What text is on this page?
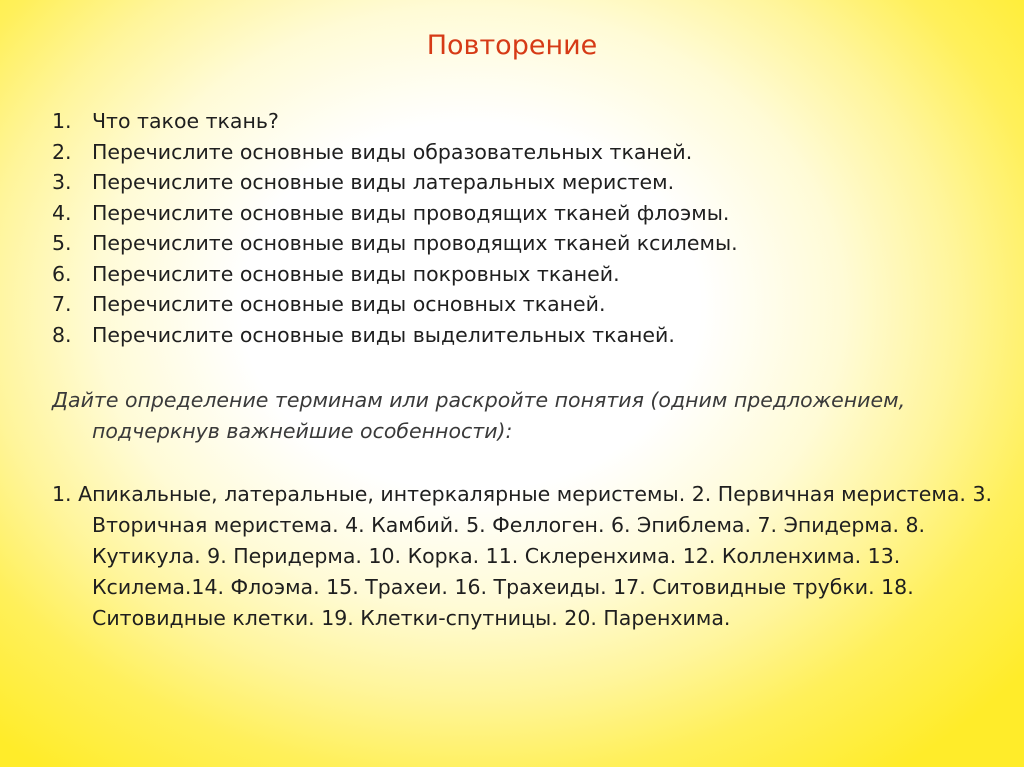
Повторение
1. Что такое ткань?
2. Перечислите основные виды образовательных тканей.
3. Перечислите основные виды латеральных меристем.
4. Перечислите основные виды проводящих тканей флоэмы.
5. Перечислите основные виды проводящих тканей ксилемы.
6. Перечислите основные виды покровных тканей.
7. Перечислите основные виды основных тканей.
8. Перечислите основные виды выделительных тканей.

Дайте определение терминам или раскройте понятия (одним предложением, подчеркнув важнейшие особенности):

1. Апикальные, латеральные, интеркалярные меристемы. 2. Первичная меристема. 3. Вторичная меристема. 4. Камбий. 5. Феллоген. 6. Эпиблема. 7. Эпидерма. 8. Кутикула. 9. Перидерма. 10. Корка. 11. Склеренхима. 12. Колленхима. 13. Ксилема.14. Флоэма. 15. Трахеи. 16. Трахеиды. 17. Ситовидные трубки. 18. Ситовидные клетки. 19. Клетки-спутницы. 20. Паренхима.
